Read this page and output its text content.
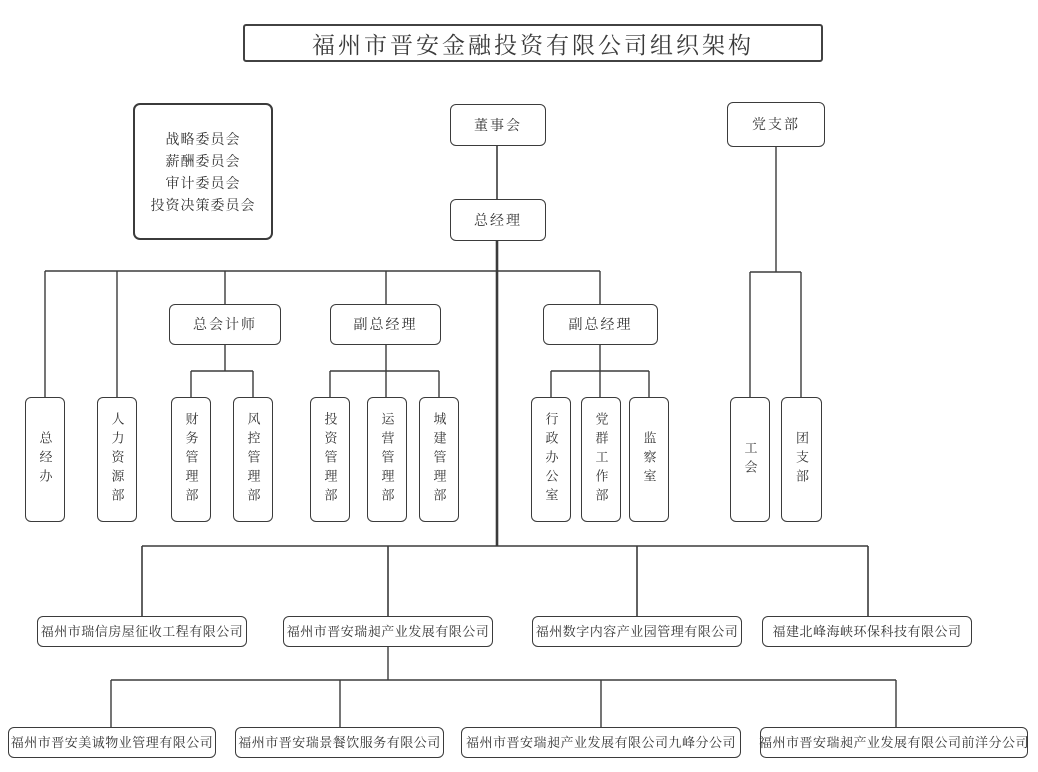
福州市晋安金融投资有限公司组织架构
战略委员会
薪酬委员会
审计委员会
投资决策委员会
董事会	党支部
总经理
总会计师	副总经理	副总经理
总经办	人力资源部	财务管理部	风控管理部	投资管理部	运营管理部	城建管理部	行政办公室	党群工作部	监察室	工会	团支部
福州市瑞信房屋征收工程有限公司	福州市晋安瑞昶产业发展有限公司	福州数字内容产业园管理有限公司	福建北峰海峡环保科技有限公司
福州市晋安美诚物业管理有限公司 福州市晋安瑞景餐饮服务有限公司	福州市晋安瑞昶产业发展有限公司九峰分公司	福州市晋安瑞昶产业发展有限公司前洋分公司
